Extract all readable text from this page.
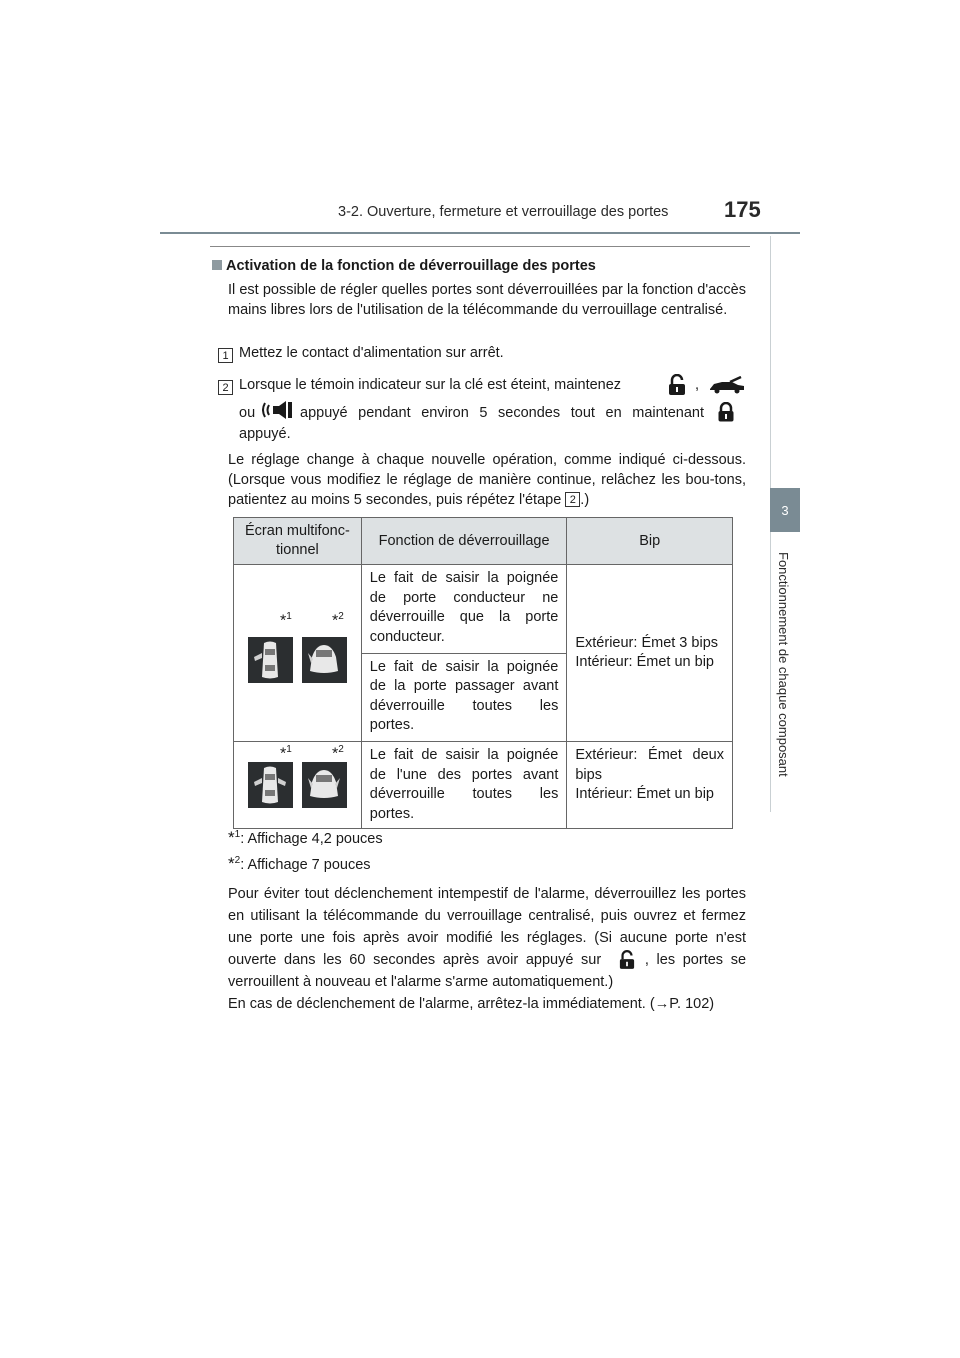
3-2. Ouverture, fermeture et verrouillage des portes	175
3
Fonctionnement de chaque composant
Activation de la fonction de déverrouillage des portes
Il est possible de régler quelles portes sont déverrouillées par la fonction d'accès mains libres lors de l'utilisation de la télécommande du verrouillage centralisé.
1 Mettez le contact d'alimentation sur arrêt.
2 Lorsque le témoin indicateur sur la clé est éteint, maintenez	,
ou	appuyé pendant environ 5 secondes tout en maintenant
appuyé.
Le réglage change à chaque nouvelle opération, comme indiqué ci-dessous. (Lorsque vous modifiez le réglage de manière continue, relâchez les bou-tons, patientez au moins 5 secondes, puis répétez l'étape 2 .)
Écran multifonc-tionnel	Fonction de déverrouillage	Bip

*$^1$ *$^2$	Le fait de saisir la poignée de porte conducteur ne déverrouille que la porte conducteur.	Extérieur: Émet 3 bips
Intérieur: Émet un bip
	Le fait de saisir la poignée de la porte passager avant déverrouille toutes les portes.	

*$^1$ *$^2$	Le fait de saisir la poignée de l'une des portes avant déverrouille toutes les portes.	Extérieur: Émet deux bips
Intérieur: Émet un bip
*$^1$: Affichage 4,2 pouces
*$^2$: Affichage 7 pouces
Pour éviter tout déclenchement intempestif de l'alarme, déverrouillez les portes en utilisant la télécommande du verrouillage centralisé, puis ouvrez et fermez une porte une fois après avoir modifié les réglages. (Si aucune porte n'est ouverte dans les 60 secondes après avoir appuyé sur	, les portes se verrouillent à nouveau et l'alarme s'arme automatiquement.)
En cas de déclenchement de l'alarme, arrêtez-la immédiatement. (→P. 102)
